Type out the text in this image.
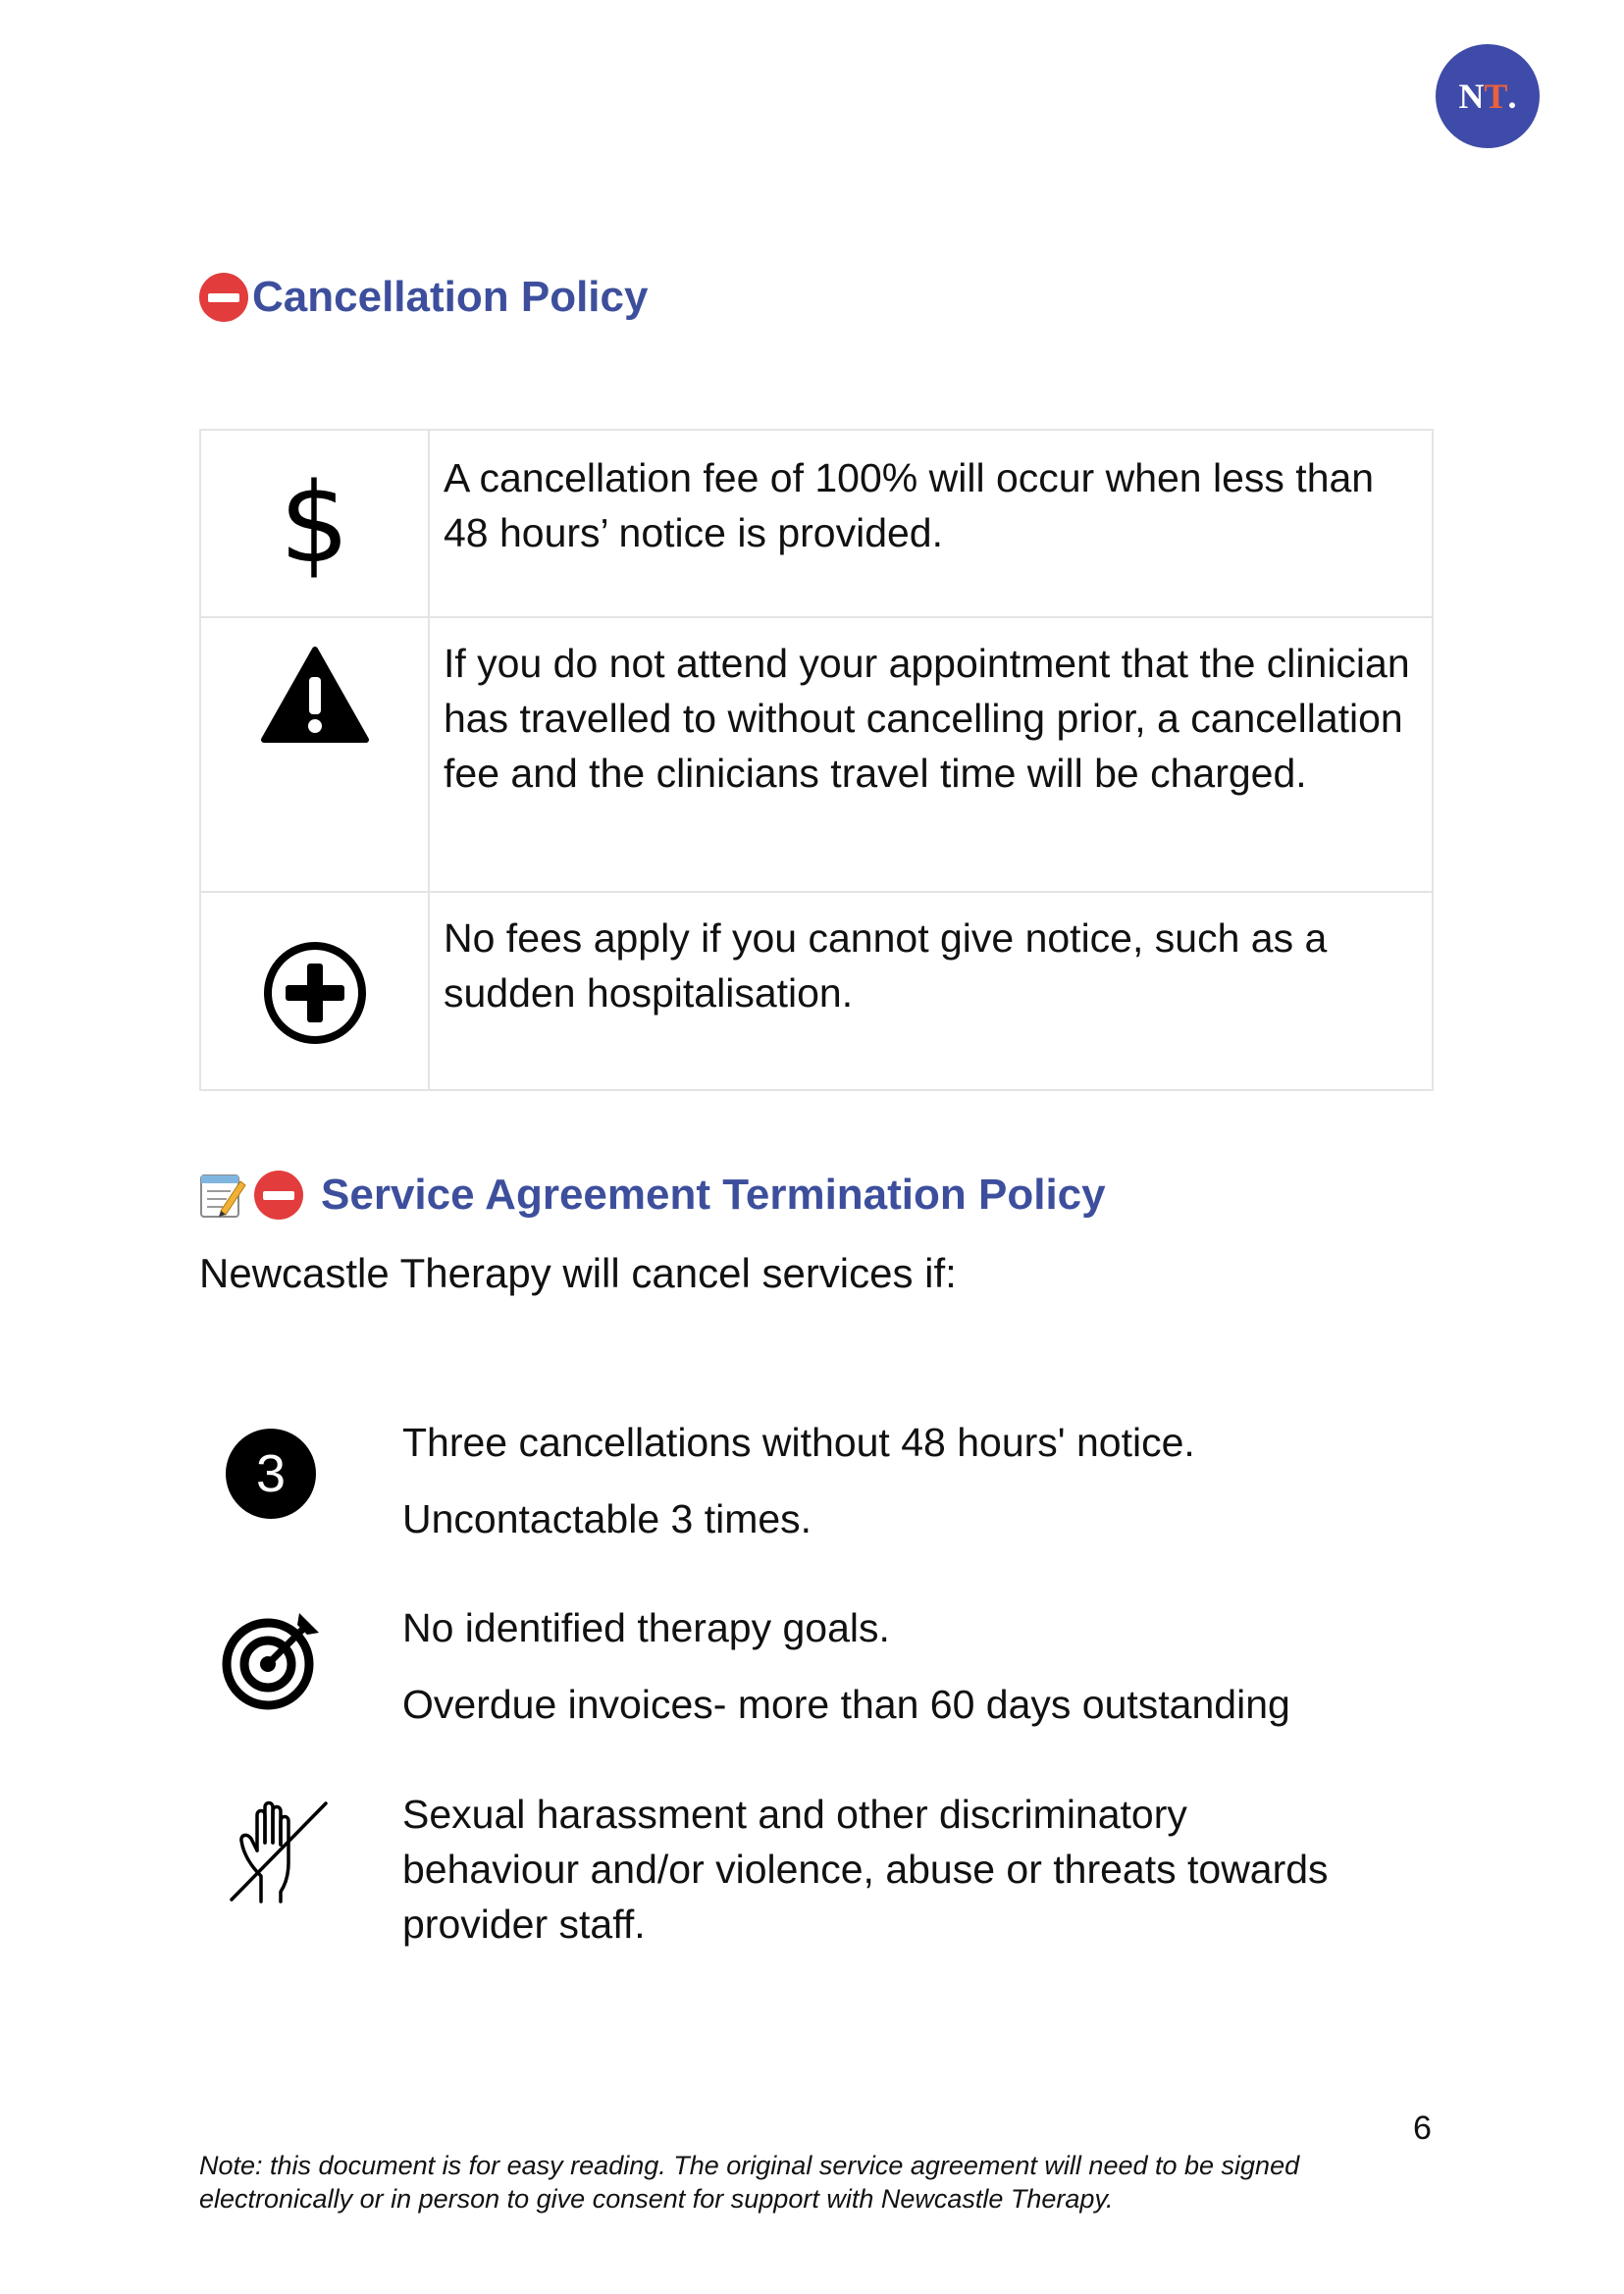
N T .
Cancellation Policy
$ A cancellation fee of 100% will occur when less than 48 hours’ notice is provided.
If you do not attend your appointment that the clinician has travelled to without cancelling prior, a cancellation fee and the clinicians travel time will be charged.
No fees apply if you cannot give notice, such as a sudden hospitalisation.
Service Agreement Termination Policy
Newcastle Therapy will cancel services if:
3
Three cancellations without 48 hours' notice.
Uncontactable 3 times.
No identified therapy goals.
Overdue invoices- more than 60 days outstanding
Sexual harassment and other discriminatory behaviour and/or violence, abuse or threats towards provider staff.
6
Note: this document is for easy reading. The original service agreement will need to be signed electronically or in person to give consent for support with Newcastle Therapy.
